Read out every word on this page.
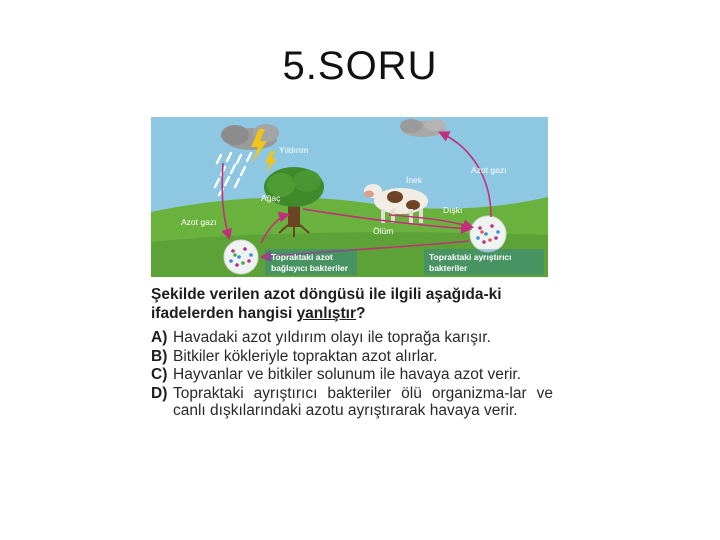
5.SORU
Yıldırım
Ağaç
İnek
Azot gazı
Azot gazı
Dışkı
Ölüm
Topraktaki azot
bağlayıcı bakteriler
Topraktaki ayrıştırıcı
bakteriler

Şekilde verilen azot döngüsü ile ilgili aşağıda-ki ifadelerden hangisi yanlıştır?

A) Havadaki azot yıldırım olayı ile toprağa karışır.
B) Bitkiler kökleriyle topraktan azot alırlar.
C) Hayvanlar ve bitkiler solunum ile havaya azot verir.
D) Topraktaki ayrıştırıcı bakteriler ölü organizma-lar ve canlı dışkılarındaki azotu ayrıştırarak havaya verir.
